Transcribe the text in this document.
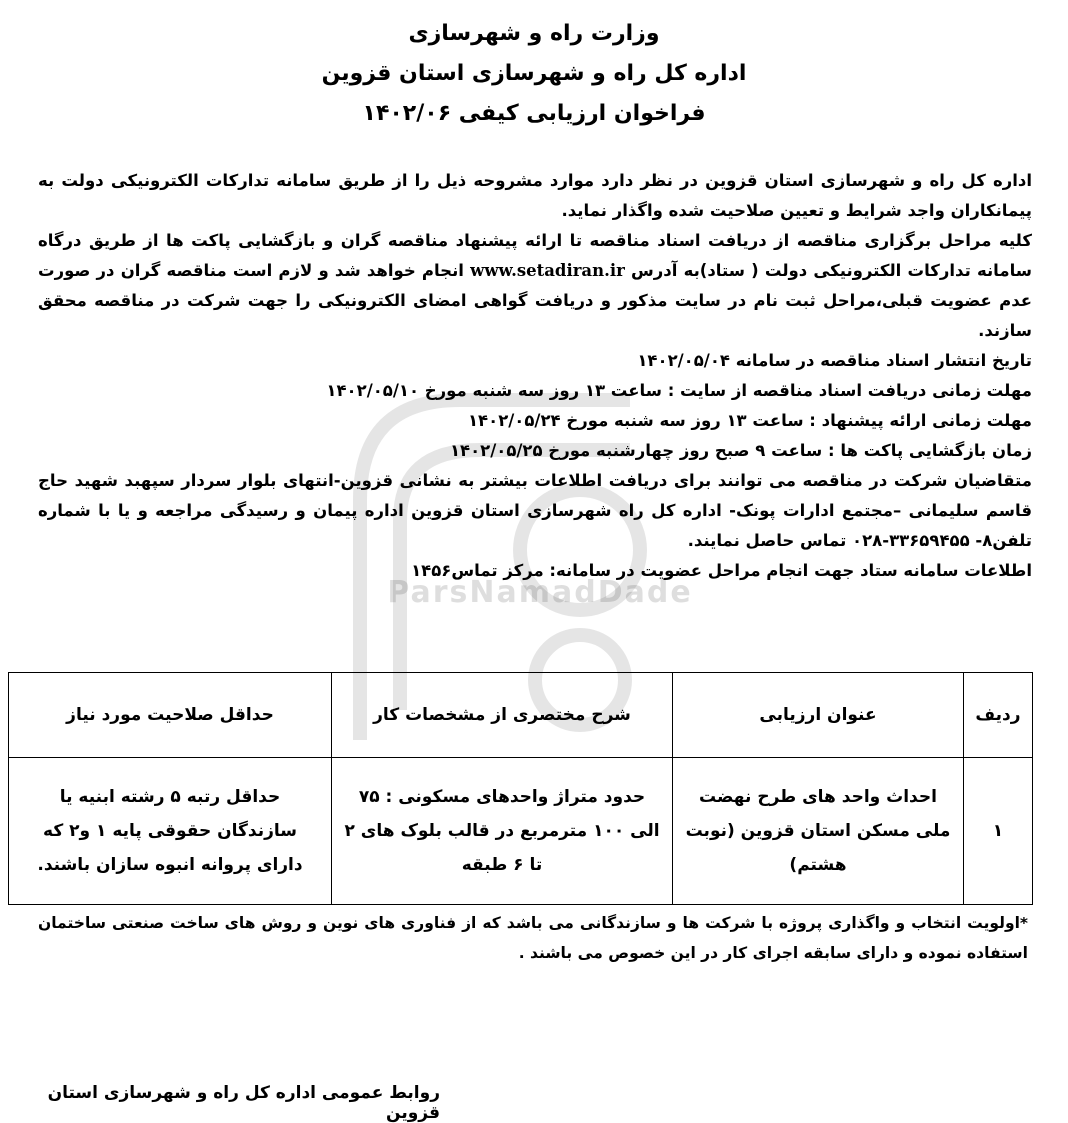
ParsNamadDade
وزارت راه و شهرسازی
اداره کل راه و شهرسازی استان قزوین
فراخوان ارزیابی کیفی ۱۴۰۲/۰۶

اداره کل راه و شهرسازی استان قزوین در نظر دارد موارد مشروحه ذیل را از طریق سامانه تدارکات الکترونیکی دولت به پیمانکاران واجد شرایط و تعیین صلاحیت شده واگذار نماید.

کلیه مراحل برگزاری مناقصه از دریافت اسناد مناقصه تا ارائه پیشنهاد مناقصه گران و بازگشایی پاکت ها از طریق درگاه سامانه تدارکات الکترونیکی دولت ( ستاد)به آدرس www.setadiran.ir انجام خواهد شد و لازم است مناقصه گران در صورت عدم عضویت قبلی،مراحل ثبت نام در سایت مذکور و دریافت گواهی امضای الکترونیکی را جهت شرکت در مناقصه محقق سازند.

تاریخ انتشار اسناد مناقصه در سامانه ۱۴۰۲/۰۵/۰۴

مهلت زمانی دریافت اسناد مناقصه از سایت : ساعت ۱۳ روز سه شنبه مورخ ۱۴۰۲/۰۵/۱۰

مهلت زمانی ارائه پیشنهاد : ساعت ۱۳ روز سه شنبه مورخ ۱۴۰۲/۰۵/۲۴

زمان بازگشایی پاکت ها : ساعت ۹ صبح روز چهارشنبه مورخ ۱۴۰۲/۰۵/۲۵

متقاضیان شرکت در مناقصه می توانند برای دریافت اطلاعات بیشتر به نشانی قزوین-انتهای بلوار سردار سپهبد شهید حاج قاسم سلیمانی –مجتمع ادارات پونک- اداره کل راه شهرسازی استان قزوین اداره پیمان و رسیدگی مراجعه و یا با شماره تلفن۸- ۳۳۶۵۹۴۵۵-۰۲۸ تماس حاصل نمایند.

اطلاعات سامانه ستاد جهت انجام مراحل عضویت در سامانه: مرکز تماس۱۴۵۶

ردیف	عنوان ارزیابی	شرح مختصری از مشخصات کار	حداقل صلاحیت مورد نیاز
۱	احداث واحد های طرح نهضت ملی مسکن استان قزوین (نوبت هشتم)	حدود متراژ واحدهای مسکونی : ۷۵ الی ۱۰۰ مترمربع در قالب بلوک های ۲ تا ۶ طبقه	حداقل رتبه ۵ رشته ابنیه یا سازندگان حقوقی پایه ۱ و۲ که دارای پروانه انبوه سازان باشند.
*اولویت انتخاب و واگذاری پروژه با شرکت ها و سازندگانی می باشد که از فناوری های نوین و روش های ساخت صنعتی ساختمان استفاده نموده و دارای سابقه اجرای کار در این خصوص می باشند .
روابط عمومی اداره کل راه و شهرسازی استان قزوین
